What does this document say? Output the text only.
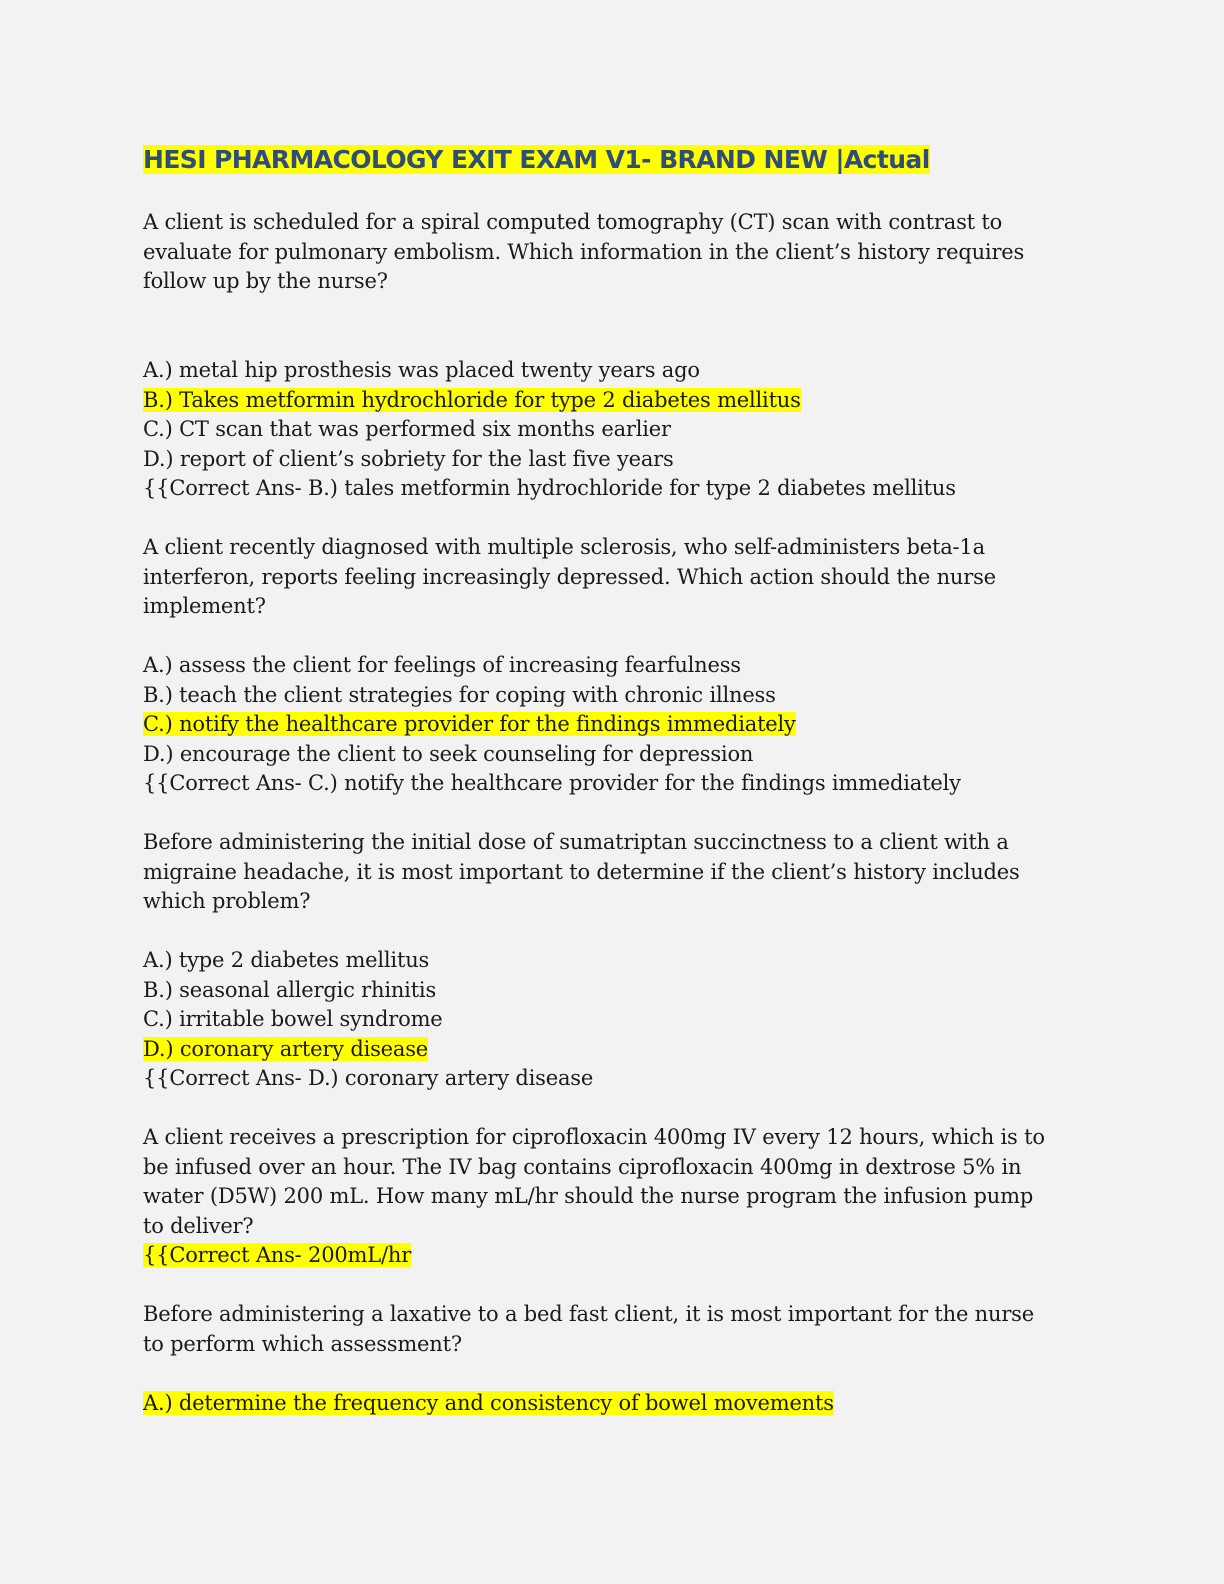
HESI PHARMACOLOGY EXIT EXAM V1- BRAND NEW |Actual
A client is scheduled for a spiral computed tomography (CT) scan with contrast to
evaluate for pulmonary embolism. Which information in the client’s history requires
follow up by the nurse?
A.) metal hip prosthesis was placed twenty years ago
B.) Takes metformin hydrochloride for type 2 diabetes mellitus
C.) CT scan that was performed six months earlier
D.) report of client’s sobriety for the last five years
{{Correct Ans- B.) tales metformin hydrochloride for type 2 diabetes mellitus
A client recently diagnosed with multiple sclerosis, who self-administers beta-1a
interferon, reports feeling increasingly depressed. Which action should the nurse
implement?
A.) assess the client for feelings of increasing fearfulness
B.) teach the client strategies for coping with chronic illness
C.) notify the healthcare provider for the findings immediately
D.) encourage the client to seek counseling for depression
{{Correct Ans- C.) notify the healthcare provider for the findings immediately
Before administering the initial dose of sumatriptan succinctness to a client with a
migraine headache, it is most important to determine if the client’s history includes
which problem?
A.) type 2 diabetes mellitus
B.) seasonal allergic rhinitis
C.) irritable bowel syndrome
D.) coronary artery disease
{{Correct Ans- D.) coronary artery disease
A client receives a prescription for ciprofloxacin 400mg IV every 12 hours, which is to
be infused over an hour. The IV bag contains ciprofloxacin 400mg in dextrose 5% in
water (D5W) 200 mL. How many mL/hr should the nurse program the infusion pump
to deliver?
{{Correct Ans- 200mL/hr
Before administering a laxative to a bed fast client, it is most important for the nurse
to perform which assessment?
A.) determine the frequency and consistency of bowel movements
